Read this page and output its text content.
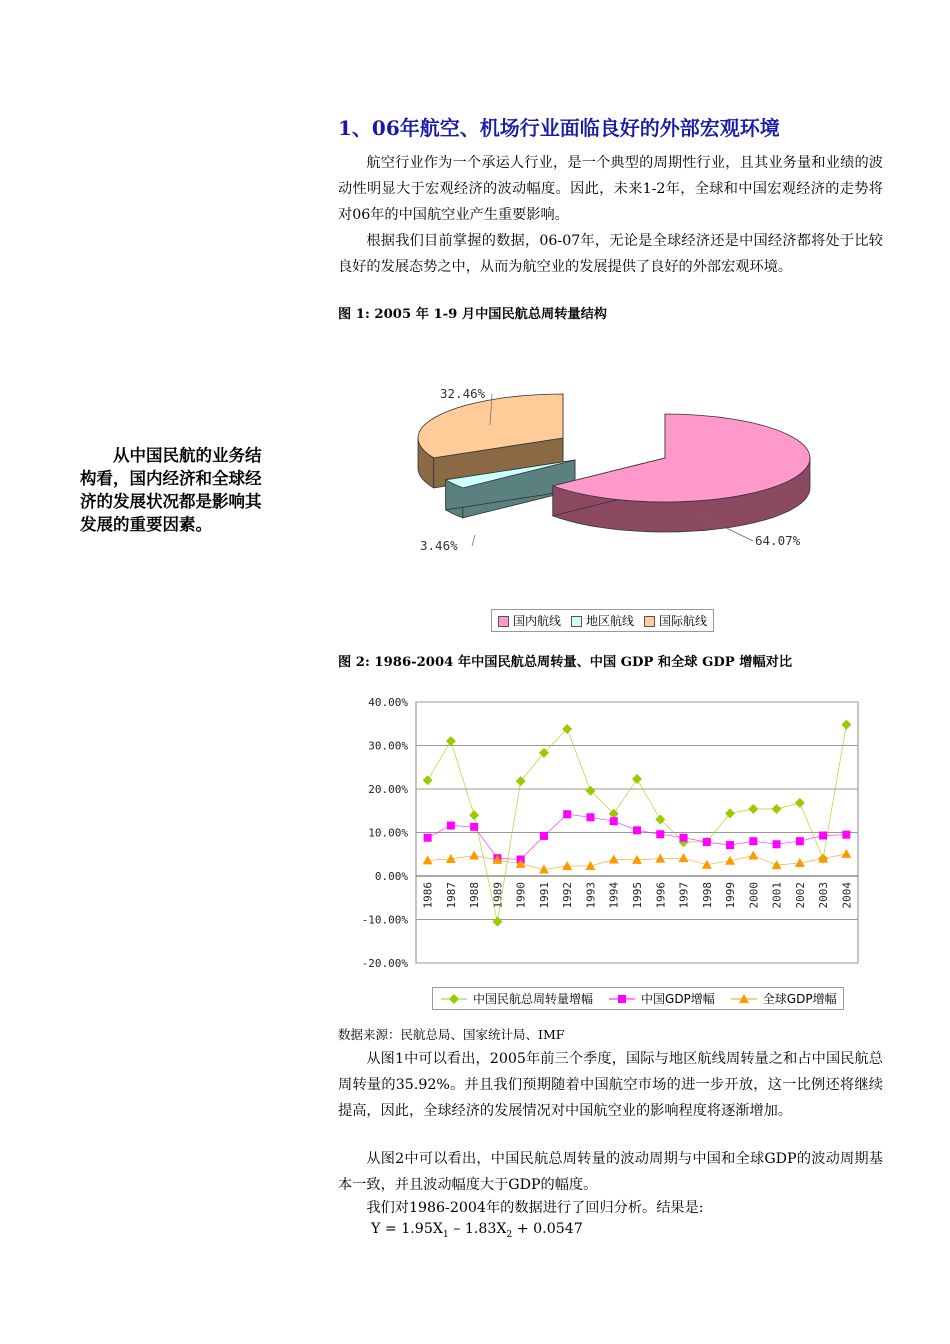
1、06年航空、机场行业面临良好的外部宏观环境

航空行业作为一个承运人行业，是一个典型的周期性行业，且其业务量和业绩的波动性明显大于宏观经济的波动幅度。因此，未来1-2年，全球和中国宏观经济的走势将对06年的中国航空业产生重要影响。

根据我们目前掌握的数据，06-07年，无论是全球经济还是中国经济都将处于比较良好的发展态势之中，从而为航空业的发展提供了良好的外部宏观环境。

图 1: 2005 年 1-9 月中国民航总周转量结构

从中国民航的业务结构看，国内经济和全球经济的发展状况都是影响其发展的重要因素。

64.07%
3.46%
32.46%
国内航线	地区航线	国际航线
图 2: 1986-2004 年中国民航总周转量、中国 GDP 和全球 GDP 增幅对比
40.00%
30.00%
20.00%
10.00%
0.00%
-10.00%
-20.00%
1986 1987 1988 1989 1990 1991 1992 1993 1994 1995 1996 1997 1998 1999 2000 2001 2002 2003 2004
中国民航总周转量增幅	中国GDP增幅	全球GDP增幅
数据来源：民航总局、国家统计局、IMF

从图1中可以看出，2005年前三个季度，国际与地区航线周转量之和占中国民航总周转量的35.92%。并且我们预期随着中国航空市场的进一步开放，这一比例还将继续提高，因此，全球经济的发展情况对中国航空业的影响程度将逐渐增加。

从图2中可以看出，中国民航总周转量的波动周期与中国和全球GDP的波动周期基本一致，并且波动幅度大于GDP的幅度。

我们对1986-2004年的数据进行了回归分析。结果是:

$Y = 1.95X_1 - 1.83X_2 + 0.0547$
